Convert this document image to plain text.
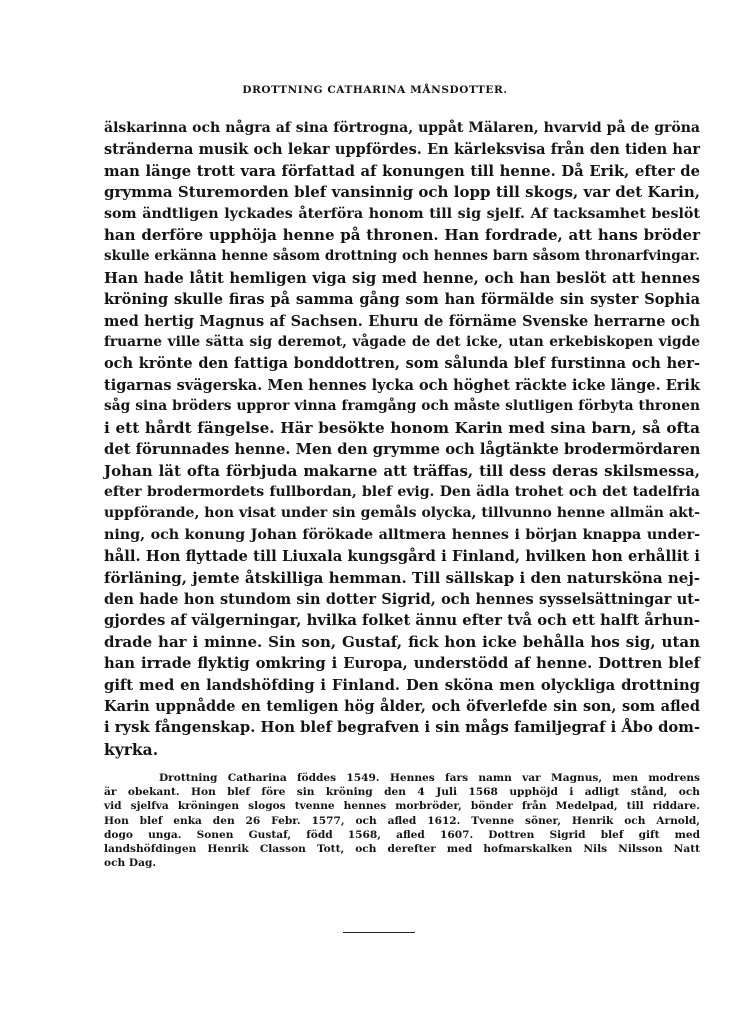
DROTTNING CATHARINA MÅNSDOTTER.
älskarinna och några af sina förtrogna, uppåt Mälaren, hvarvid på de gröna
stränderna musik och lekar uppfördes. En kärleksvisa från den tiden har
man länge trott vara författad af konungen till henne. Då Erik, efter de
grymma Sturemorden blef vansinnig och lopp till skogs, var det Karin,
som ändtligen lyckades återföra honom till sig sjelf. Af tacksamhet beslöt
han derföre upphöja henne på thronen. Han fordrade, att hans bröder
skulle erkänna henne såsom drottning och hennes barn såsom thronarfvingar.
Han hade låtit hemligen viga sig med henne, och han beslöt att hennes
kröning skulle firas på samma gång som han förmälde sin syster Sophia
med hertig Magnus af Sachsen. Ehuru de förnäme Svenske herrarne och
fruarne ville sätta sig deremot, vågade de det icke, utan erkebiskopen vigde
och krönte den fattiga bonddottren, som sålunda blef furstinna och her-
tigarnas svägerska. Men hennes lycka och höghet räckte icke länge. Erik
såg sina bröders uppror vinna framgång och måste slutligen förbyta thronen
i ett hårdt fängelse. Här besökte honom Karin med sina barn, så ofta
det förunnades henne. Men den grymme och lågtänkte brodermördaren
Johan lät ofta förbjuda makarne att träffas, till dess deras skilsmessa,
efter brodermordets fullbordan, blef evig. Den ädla trohet och det tadelfria
uppförande, hon visat under sin gemåls olycka, tillvunno henne allmän akt-
ning, och konung Johan förökade alltmera hennes i början knappa under-
håll. Hon flyttade till Liuxala kungsgård i Finland, hvilken hon erhållit i
förläning, jemte åtskilliga hemman. Till sällskap i den natursköna nej-
den hade hon stundom sin dotter Sigrid, och hennes sysselsättningar ut-
gjordes af välgerningar, hvilka folket ännu efter två och ett halft århun-
drade har i minne. Sin son, Gustaf, fick hon icke behålla hos sig, utan
han irrade flyktig omkring i Europa, understödd af henne. Dottren blef
gift med en landshöfding i Finland. Den sköna men olyckliga drottning
Karin uppnådde en temligen hög ålder, och öfverlefde sin son, som afled
i rysk fångenskap. Hon blef begrafven i sin mågs familjegraf i Åbo dom-
kyrka.
Drottning Catharina föddes 1549. Hennes fars namn var Magnus, men modrens
är obekant. Hon blef före sin kröning den 4 Juli 1568 upphöjd i adligt stånd, och
vid sjelfva kröningen slogos tvenne hennes morbröder, bönder från Medelpad, till riddare.
Hon blef enka den 26 Febr. 1577, och afled 1612. Tvenne söner, Henrik och Arnold,
dogo unga. Sonen Gustaf, född 1568, afled 1607. Dottren Sigrid blef gift med
landshöfdingen Henrik Classon Tott, och derefter med hofmarskalken Nils Nilsson Natt
och Dag.
